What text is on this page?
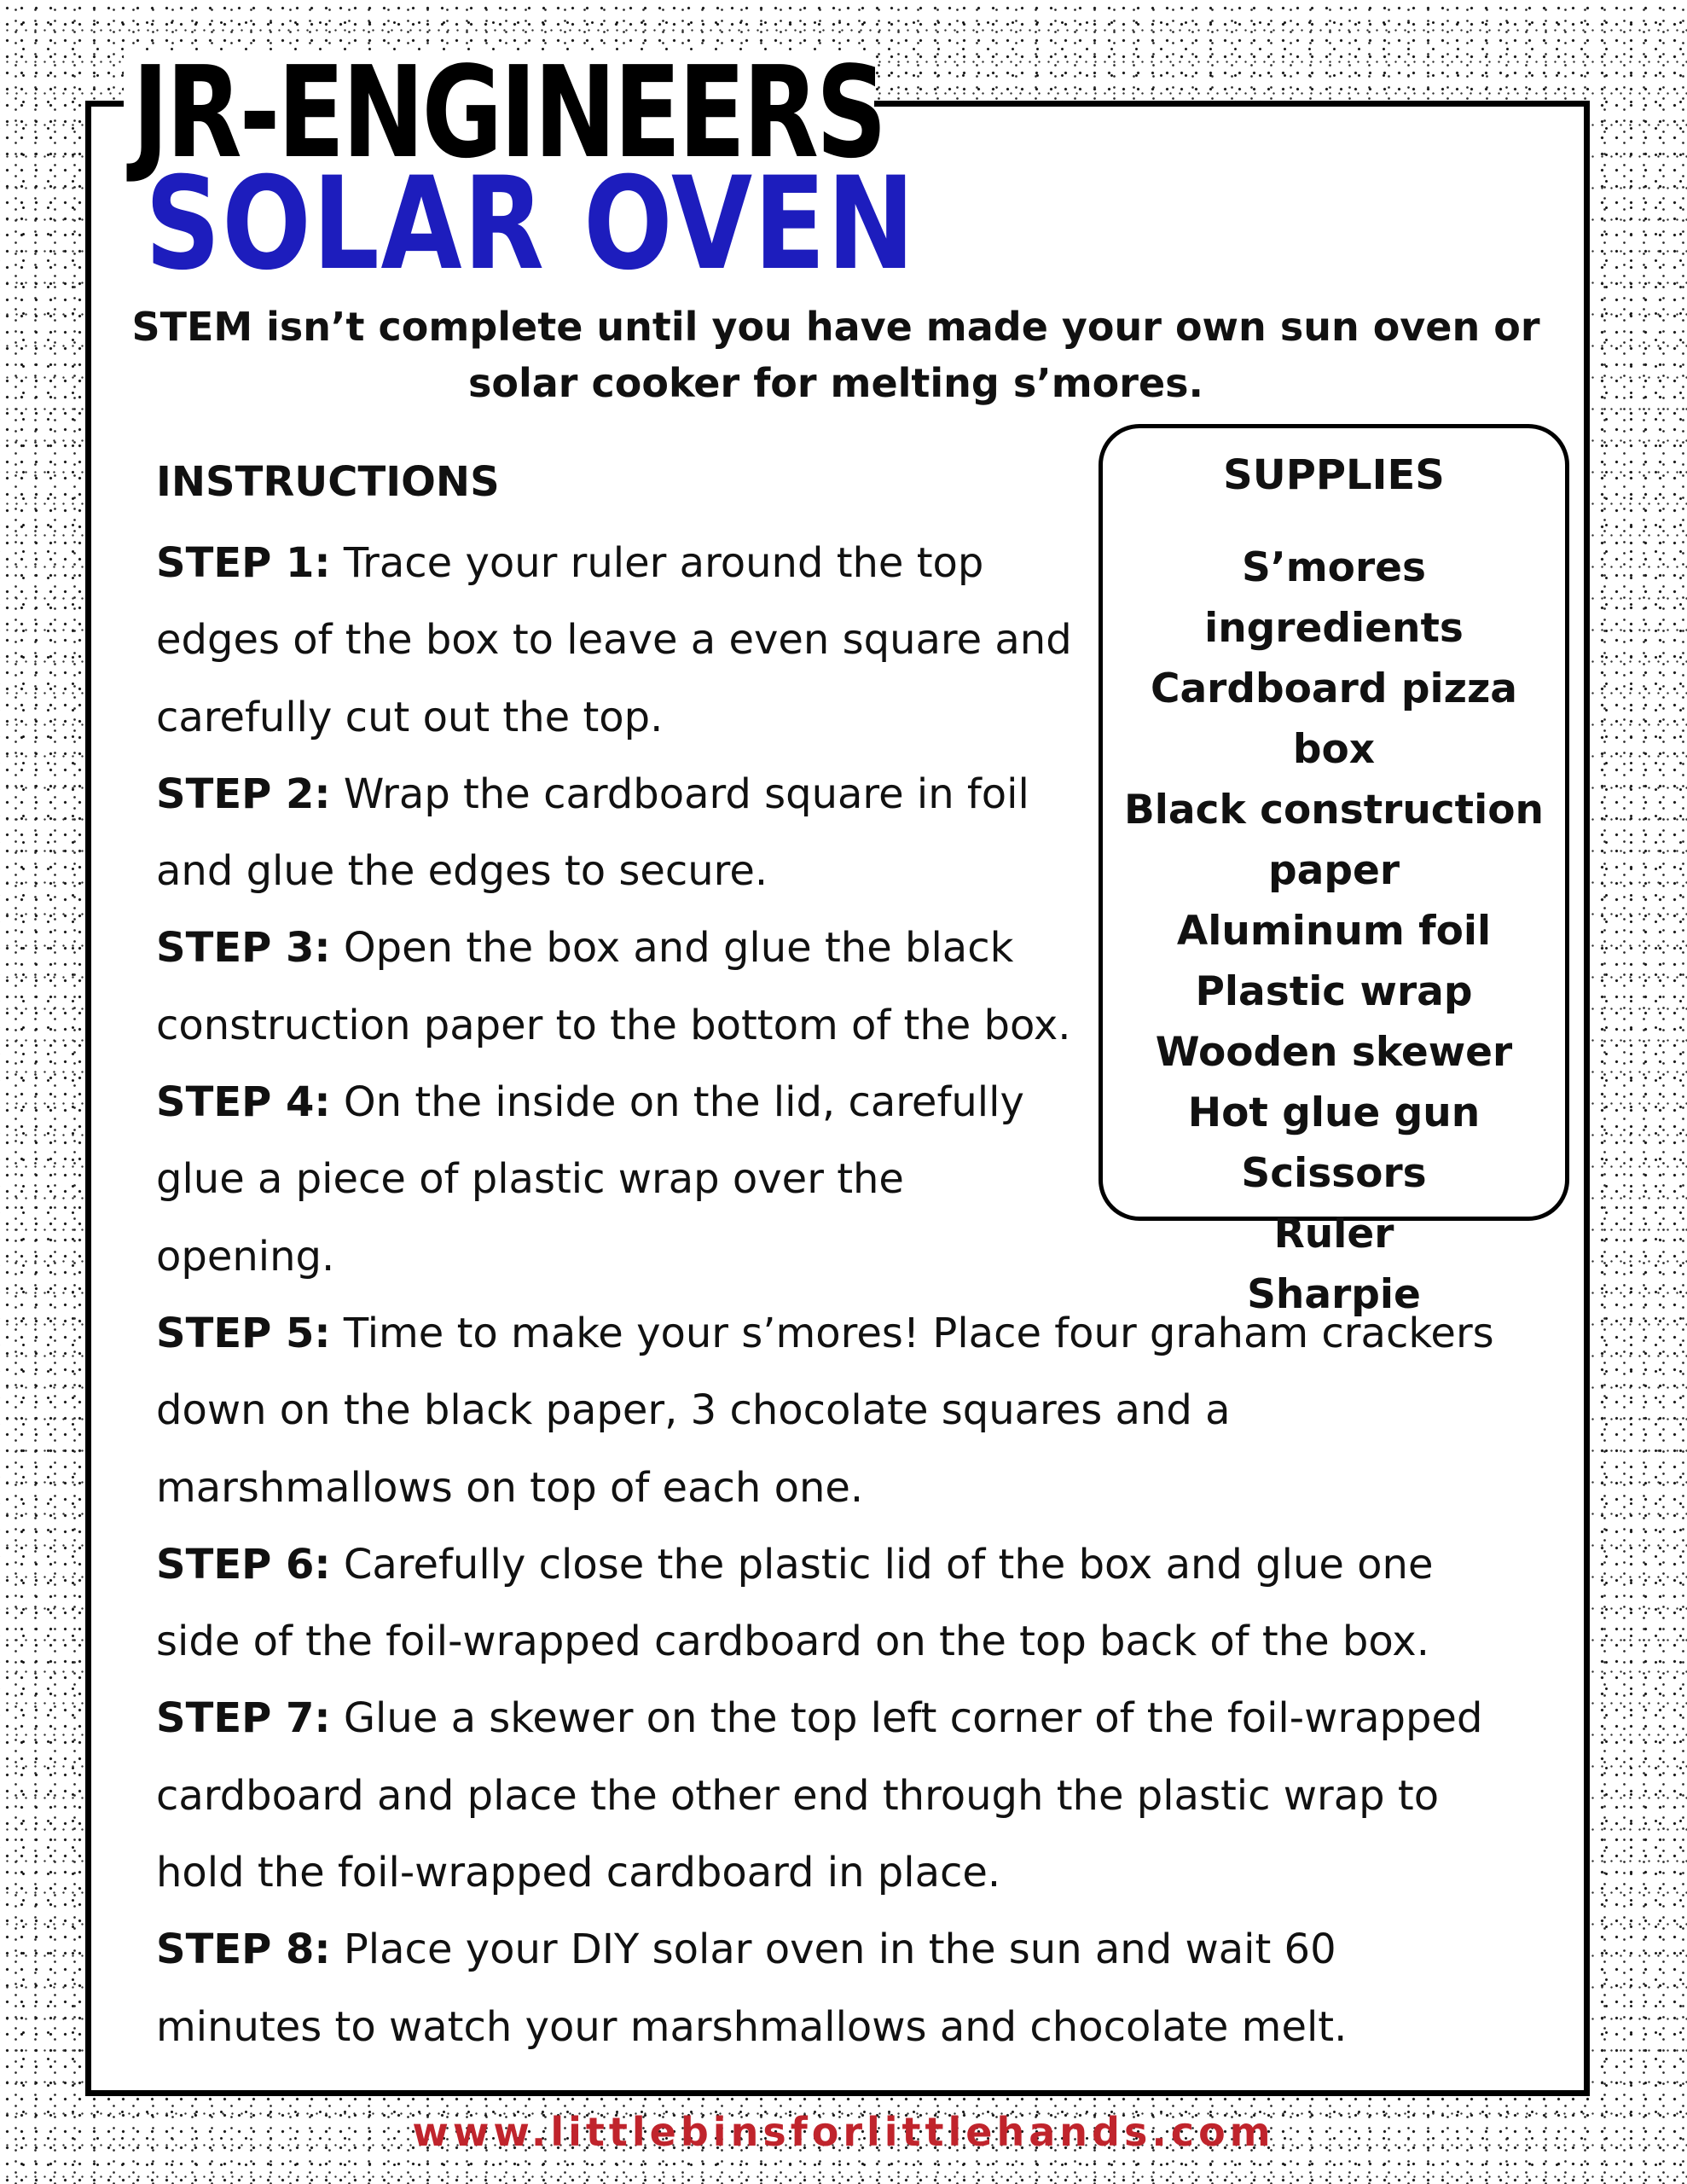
JR-ENGINEERS
SOLAR OVEN

STEM isn’t complete until you have made your own sun oven or solar cooker for melting s’mores.

INSTRUCTIONS
STEP 1: Trace your ruler around the top edges of the box to leave a even square and carefully cut out the top.
STEP 2: Wrap the cardboard square in foil and glue the edges to secure.
STEP 3: Open the box and glue the black construction paper to the bottom of the box.
STEP 4: On the inside on the lid, carefully glue a piece of plastic wrap over the opening.
STEP 5: Time to make your s’mores! Place four graham crackers down on the black paper, 3 chocolate squares and a marshmallows on top of each one.
STEP 6: Carefully close the plastic lid of the box and glue one side of the foil-wrapped cardboard on the top back of the box.
STEP 7: Glue a skewer on the top left corner of the foil-wrapped cardboard and place the other end through the plastic wrap to hold the foil-wrapped cardboard in place.
STEP 8: Place your DIY solar oven in the sun and wait 60 minutes to watch your marshmallows and chocolate melt.
SUPPLIES
S’mores ingredients
Cardboard pizza box
Black construction paper
Aluminum foil
Plastic wrap
Wooden skewer
Hot glue gun
Scissors
Ruler
Sharpie
www.littlebinsforlittlehands.com
